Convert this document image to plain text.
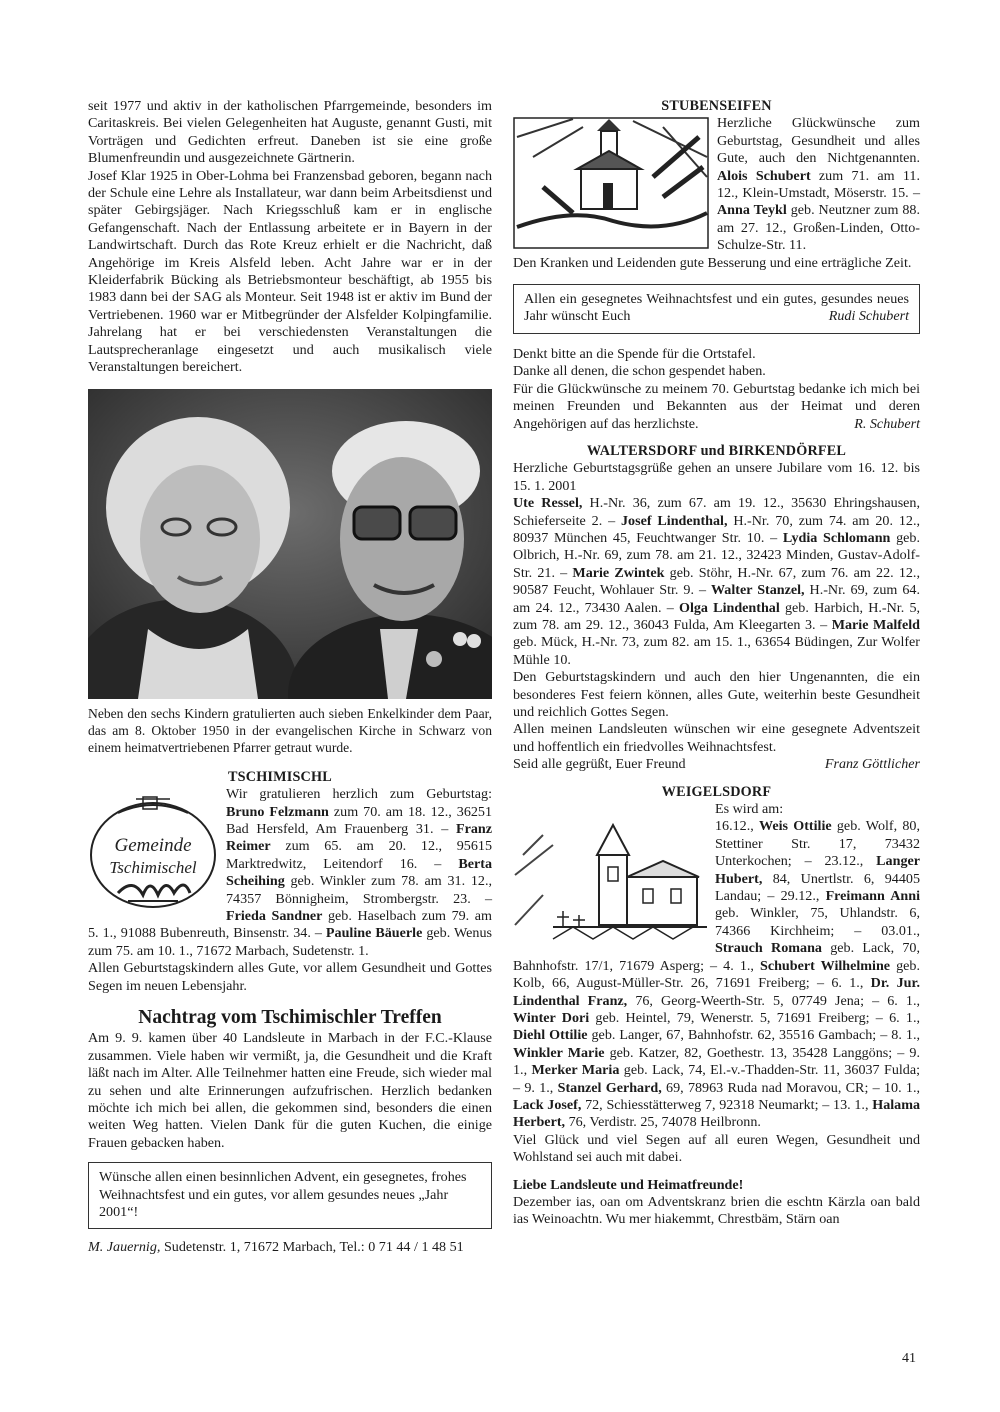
seit 1977 und aktiv in der katholischen Pfarrgemeinde, besonders im Caritaskreis. Bei vielen Gelegenheiten hat Auguste, genannt Gusti, mit Vorträgen und Gedichten erfreut. Daneben ist sie eine große Blumenfreundin und ausgezeichnete Gärtnerin.

Josef Klar 1925 in Ober-Lohma bei Franzensbad geboren, begann nach der Schule eine Lehre als Installateur, war dann beim Arbeitsdienst und später Gebirgsjäger. Nach Kriegsschluß kam er in englische Gefangenschaft. Nach der Entlassung arbeitete er in Bayern in der Landwirtschaft. Durch das Rote Kreuz erhielt er die Nachricht, daß Angehörige im Kreis Alsfeld leben. Acht Jahre war er in der Kleiderfabrik Bücking als Betriebsmonteur beschäftigt, ab 1955 bis 1983 dann bei der SAG als Monteur. Seit 1948 ist er aktiv im Bund der Vertriebenen. 1960 war er Mitbegründer der Alsfelder Kolpingfamilie. Jahrelang hat er bei verschiedensten Veranstaltungen die Lautsprecheranlage eingesetzt und auch musikalisch viele Veranstaltungen bereichert.

Neben den sechs Kindern gratulierten auch sieben Enkelkinder dem Paar, das am 8. Oktober 1950 in der evangelischen Kirche in Schwarz von einem heimatvertriebenen Pfarrer getraut wurde.

TSCHIMISCHL

Gemeinde
Tschimischel

Wir gratulieren herzlich zum Geburtstag: Bruno Felzmann zum 70. am 18. 12., 36251 Bad Hersfeld, Am Frauenberg 31. – Franz Reimer zum 65. am 20. 12., 95615 Marktredwitz, Leitendorf 16. – Berta Scheihing geb. Winkler zum 78. am 31. 12., 74357 Bönnigheim, Strombergstr. 23. – Frieda Sandner geb. Haselbach zum 79. am 5. 1., 91088 Bubenreuth, Binsenstr. 34. – Pauline Bäuerle geb. Wenus zum 75. am 10. 1., 71672 Marbach, Sudetenstr. 1.

Allen Geburtstagskindern alles Gute, vor allem Gesundheit und Gottes Segen im neuen Lebensjahr.

Nachtrag vom Tschimischler Treffen

Am 9. 9. kamen über 40 Landsleute in Marbach in der F.C.-Klause zusammen. Viele haben wir vermißt, ja, die Gesundheit und die Kraft läßt nach im Alter. Alle Teilnehmer hatten eine Freude, sich wieder mal zu sehen und alte Erinnerungen aufzufrischen. Herzlich bedanken möchte ich mich bei allen, die gekommen sind, besonders die einen weiten Weg hatten. Vielen Dank für die guten Kuchen, die einige Frauen gebacken haben.

Wünsche allen einen besinnlichen Advent, ein gesegnetes, frohes Weihnachtsfest und ein gutes, vor allem gesundes neues „Jahr 2001“!

M. Jauernig, Sudetenstr. 1, 71672 Marbach, Tel.: 0 71 44 / 1 48 51

STUBENSEIFEN

Herzliche Glückwünsche zum Geburtstag, Gesundheit und alles Gute, auch den Nichtgenannten. Alois Schubert zum 71. am 11. 12., Klein-Umstadt, Möserstr. 15. – Anna Teykl geb. Neutzner zum 88. am 27. 12., Großen-Linden, Otto-Schulze-Str. 11.

Den Kranken und Leidenden gute Besserung und eine erträgliche Zeit.

Allen ein gesegnetes Weihnachtsfest und ein gutes, gesundes neues Jahr wünscht Euch	Rudi Schubert

Denkt bitte an die Spende für die Ortstafel.

Danke all denen, die schon gespendet haben.

Für die Glückwünsche zu meinem 70. Geburtstag bedanke ich mich bei meinen Freunden und Bekannten aus der Heimat und deren Angehörigen auf das herzlichste.	R. Schubert

WALTERSDORF und BIRKENDÖRFEL

Herzliche Geburtstagsgrüße gehen an unsere Jubilare vom 16. 12. bis 15. 1. 2001

Ute Ressel, H.-Nr. 36, zum 67. am 19. 12., 35630 Ehringshausen, Schieferseite 2. – Josef Lindenthal, H.-Nr. 70, zum 74. am 20. 12., 80937 München 45, Feuchtwanger Str. 10. – Lydia Schlomann geb. Olbrich, H.-Nr. 69, zum 78. am 21. 12., 32423 Minden, Gustav-Adolf-Str. 21. – Marie Zwintek geb. Stöhr, H.-Nr. 67, zum 76. am 22. 12., 90587 Feucht, Wohlauer Str. 9. – Walter Stanzel, H.-Nr. 69, zum 64. am 24. 12., 73430 Aalen. – Olga Lindenthal geb. Harbich, H.-Nr. 5, zum 78. am 29. 12., 36043 Fulda, Am Kleegarten 3. – Marie Malfeld geb. Mück, H.-Nr. 73, zum 82. am 15. 1., 63654 Büdingen, Zur Wolfer Mühle 10.

Den Geburtstagskindern und auch den hier Ungenannten, die ein besonderes Fest feiern können, alles Gute, weiterhin beste Gesundheit und reichlich Gottes Segen.

Allen meinen Landsleuten wünschen wir eine gesegnete Adventszeit und hoffentlich ein friedvolles Weihnachtsfest.

Seid alle gegrüßt, Euer Freund	Franz Göttlicher

WEIGELSDORF

Es wird am:

16.12., Weis Ottilie geb. Wolf, 80, Stettiner Str. 17, 73432 Unterkochen; – 23.12., Langer Hubert, 84, Unertlstr. 6, 94405 Landau; – 29.12., Freimann Anni geb. Winkler, 75, Uhlandstr. 6, 74366 Kirchheim; – 03.01., Strauch Romana geb. Lack, 70, Bahnhofstr. 17/1, 71679 Asperg; – 4. 1., Schubert Wilhelmine geb. Kolb, 66, August-Müller-Str. 26, 71691 Freiberg; – 6. 1., Dr. Jur. Lindenthal Franz, 76, Georg-Weerth-Str. 5, 07749 Jena; – 6. 1., Winter Dori geb. Heintel, 79, Wenerstr. 5, 71691 Freiberg; – 6. 1., Diehl Ottilie geb. Langer, 67, Bahnhofstr. 62, 35516 Gambach; – 8. 1., Winkler Marie geb. Katzer, 82, Goethestr. 13, 35428 Langgöns; – 9. 1., Merker Maria geb. Lack, 74, El.-v.-Thadden-Str. 11, 36037 Fulda; – 9. 1., Stanzel Gerhard, 69, 78963 Ruda nad Moravou, CR; – 10. 1., Lack Josef, 72, Schiesstätterweg 7, 92318 Neumarkt; – 13. 1., Halama Herbert, 76, Verdistr. 25, 74078 Heilbronn.

Viel Glück und viel Segen auf all euren Wegen, Gesundheit und Wohlstand sei auch mit dabei.

Liebe Landsleute und Heimatfreunde!

Dezember ias, oan om Adventskranz brien die eschtn Kärzla oan bald ias Weinoachtn. Wu mer hiakemmt, Chrestbäm, Stärn oan

41
